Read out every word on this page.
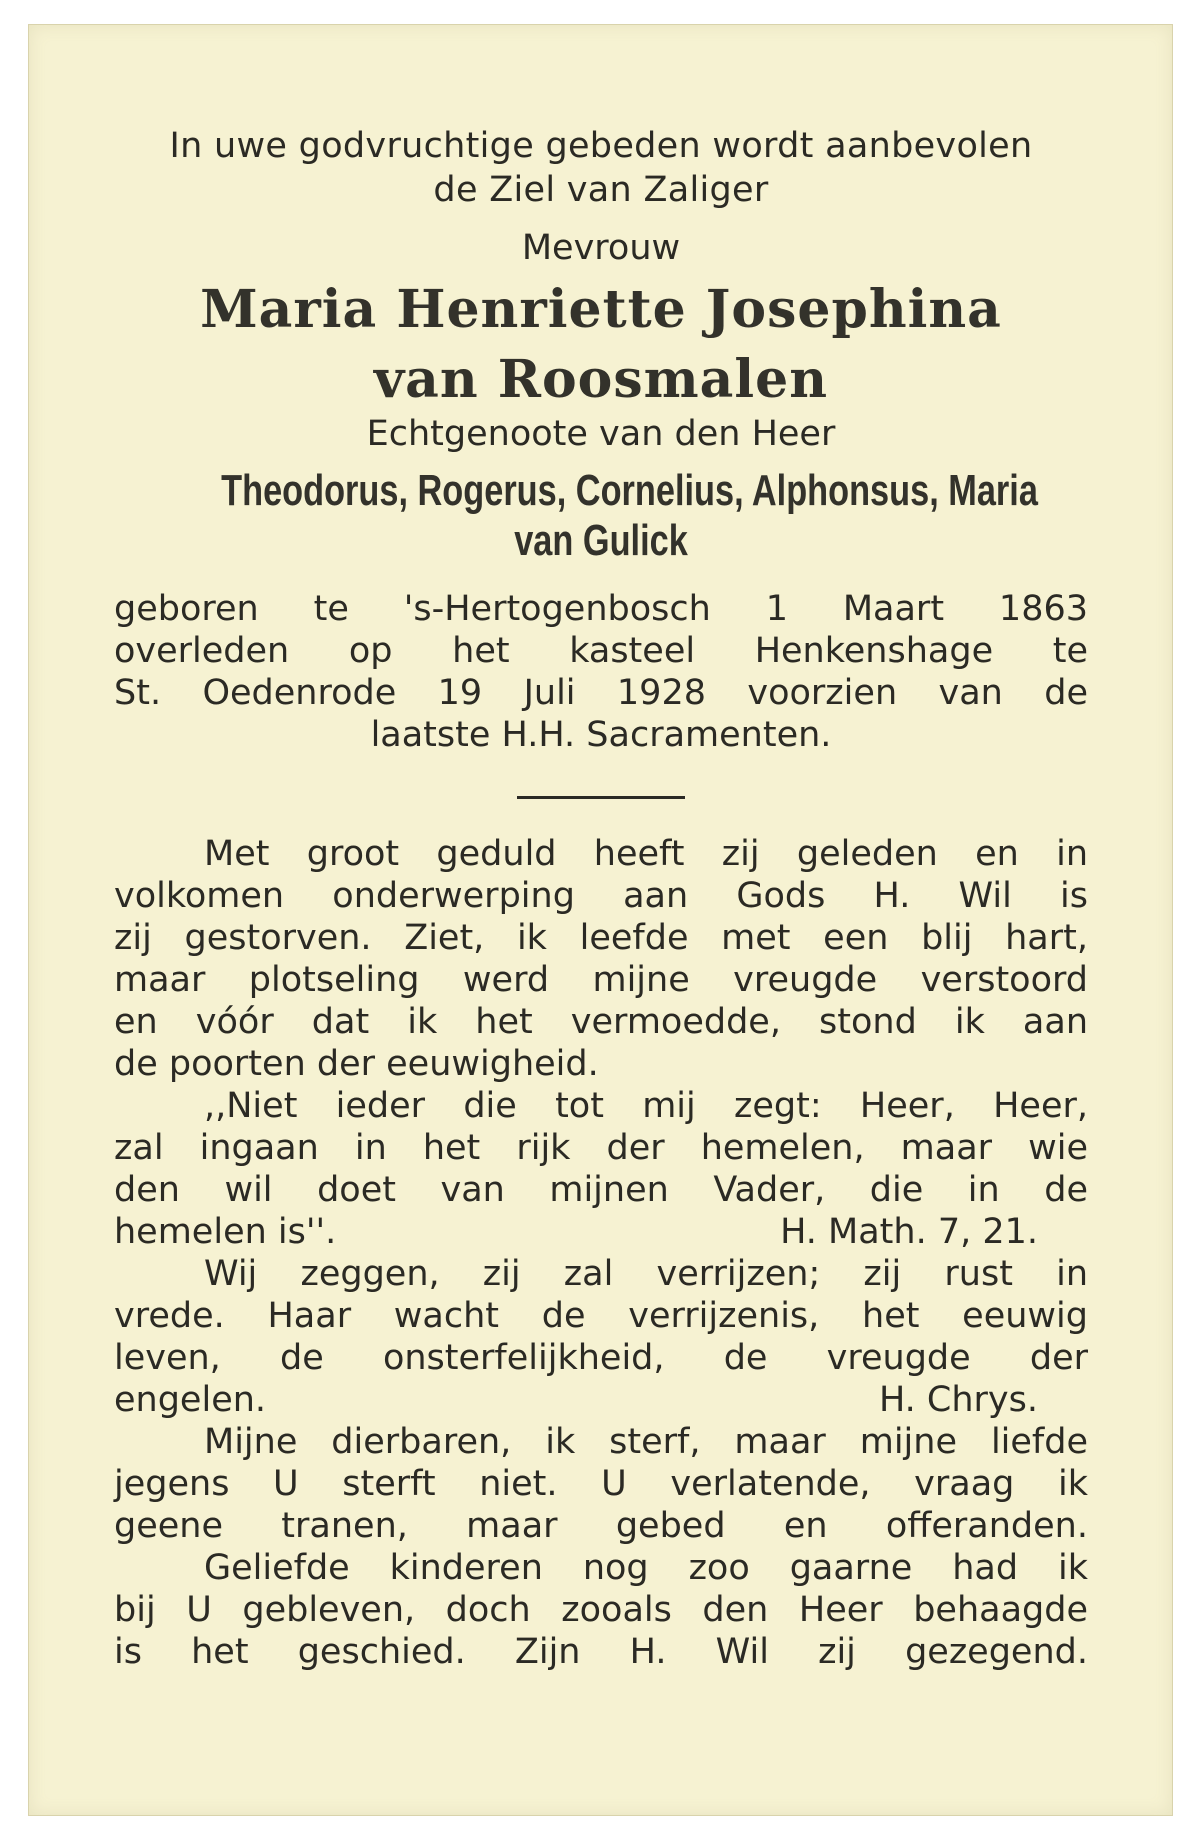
In uwe godvruchtige gebeden wordt aanbevolen
de Ziel van Zaliger
Mevrouw
Maria Henriette Josephina
van Roosmalen
Echtgenoote van den Heer
Theodorus, Rogerus, Cornelius, Alphonsus, Maria
van Gulick
geboren te 's-Hertogenbosch 1 Maart 1863
overleden op het kasteel Henkenshage te
St. Oedenrode 19 Juli 1928 voorzien van de
laatste H.H. Sacramenten.
Met groot geduld heeft zij geleden en in
volkomen onderwerping aan Gods H. Wil is
zij gestorven. Ziet, ik leefde met een blij hart,
maar plotseling werd mijne vreugde verstoord
en vóór dat ik het vermoedde, stond ik aan
de poorten der eeuwigheid.
,,Niet ieder die tot mij zegt: Heer, Heer,
zal ingaan in het rijk der hemelen, maar wie
den wil doet van mijnen Vader, die in de
hemelen is''.	H. Math. 7, 21.
Wij zeggen, zij zal verrijzen; zij rust in
vrede. Haar wacht de verrijzenis, het eeuwig
leven, de onsterfelijkheid, de vreugde der
engelen.	H. Chrys.
Mijne dierbaren, ik sterf, maar mijne liefde
jegens U sterft niet. U verlatende, vraag ik
geene tranen, maar gebed en offeranden.
Geliefde kinderen nog zoo gaarne had ik
bij U gebleven, doch zooals den Heer behaagde
is het geschied. Zijn H. Wil zij gezegend.
